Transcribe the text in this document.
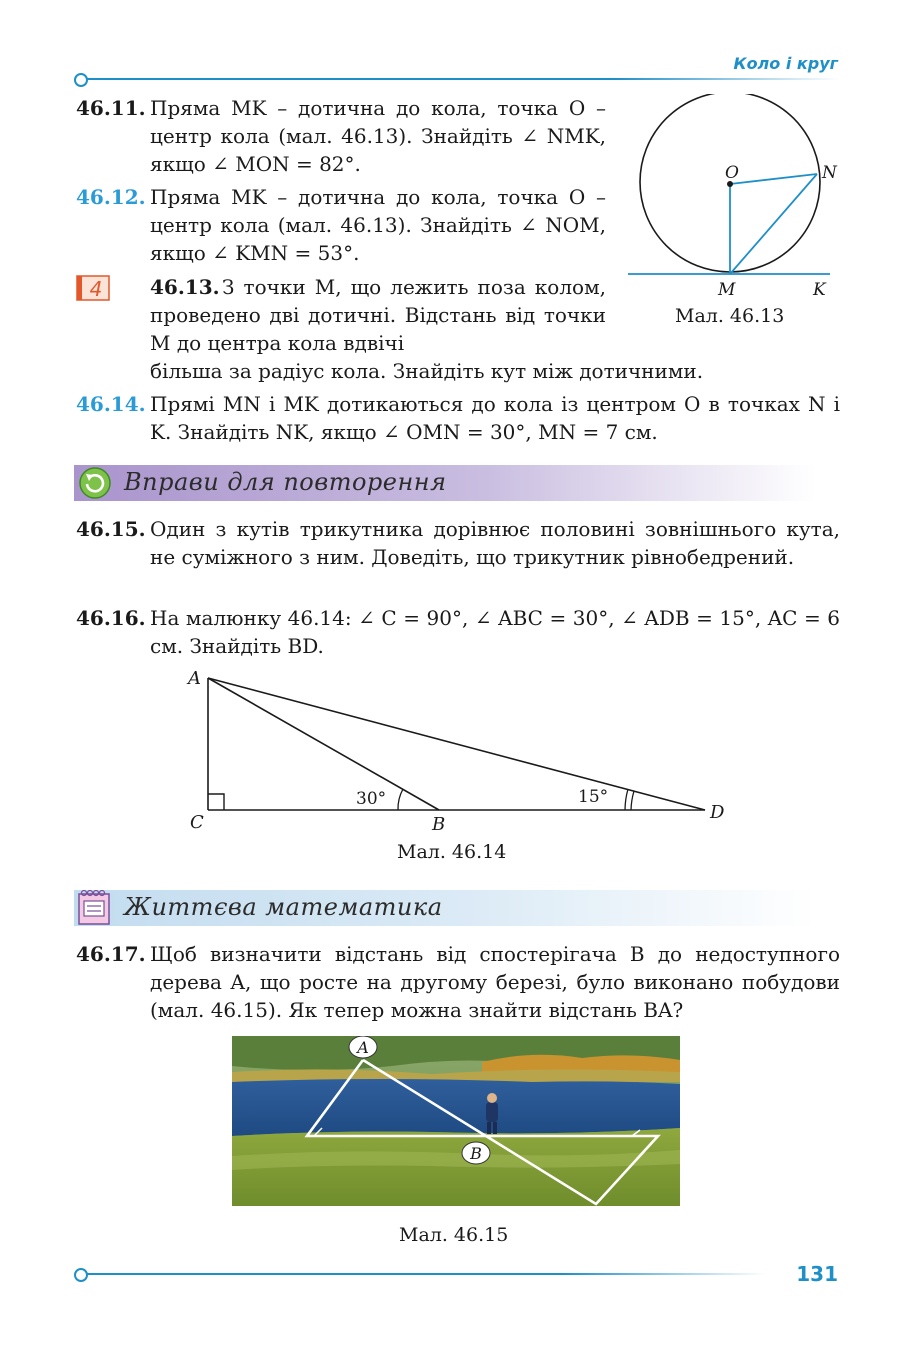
Коло і круг
46.11. Пряма MK – дотична до кола, точка O – центр кола (мал. 46.13). Знайдіть ∠ NMK, якщо ∠ MON = 82°.
46.12. Пряма MK – дотична до кола, точка O – центр кола (мал. 46.13). Знайдіть ∠ NOM, якщо ∠ KMN = 53°.
4 46.13. З точки M, що лежить поза колом, проведено дві дотичні. Відстань від точки M до центра кола вдвічі
більша за радіус кола. Знайдіть кут між дотичними.
O	N
M	K
Мал. 46.13
46.14. Прямі MN і MK дотикаються до кола із центром O в точках N і K. Знайдіть NK, якщо ∠ OMN = 30°, MN = 7 см.
Вправи для повторення
46.15. Один з кутів трикутника дорівнює половині зовнішнього кута, не суміжного з ним. Доведіть, що трикутник рівнобедрений.
46.16. На малюнку 46.14: ∠ C = 90°, ∠ ABC = 30°, ∠ ADB = 15°, AC = 6 см. Знайдіть BD.
A
C	B
D
30°	15°
Мал. 46.14
Життєва математика
46.17. Щоб визначити відстань від спостерігача B до недоступного дерева A, що росте на другому березі, було виконано побудови (мал. 46.15). Як тепер можна знайти відстань BA?
A
B
Мал. 46.15
131
